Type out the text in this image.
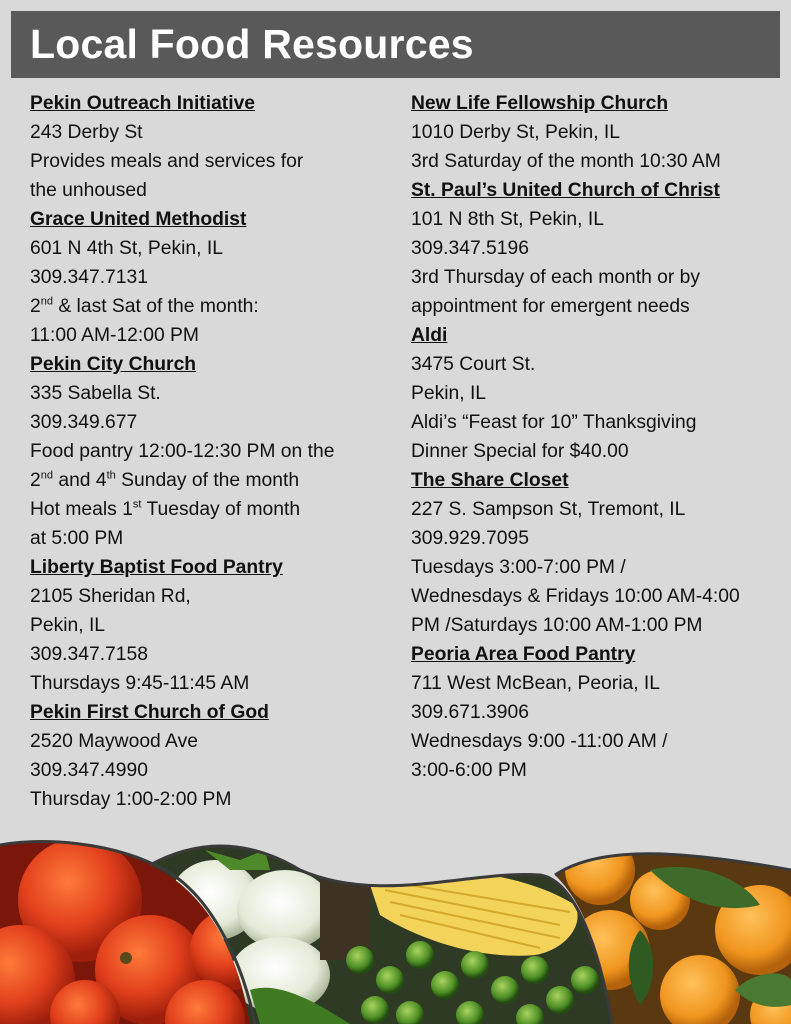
Local Food Resources
Pekin Outreach Initiative
243 Derby St
Provides meals and services for
the unhoused
Grace United Methodist
601 N 4th St, Pekin, IL
309.347.7131
2nd & last Sat of the month:
11:00 AM-12:00 PM
Pekin City Church
335 Sabella St.
309.349.677
Food pantry 12:00-12:30 PM on the
2nd and 4th Sunday of the month
Hot meals 1st Tuesday of month
at 5:00 PM
Liberty Baptist Food Pantry
2105 Sheridan Rd,
Pekin, IL
309.347.7158
Thursdays 9:45-11:45 AM
Pekin First Church of God
2520 Maywood Ave
309.347.4990
Thursday 1:00-2:00 PM
New Life Fellowship Church
1010 Derby St, Pekin, IL
3rd Saturday of the month 10:30 AM
St. Paul’s United Church of Christ
101 N 8th St, Pekin, IL
309.347.5196
3rd Thursday of each month or by
appointment for emergent needs
Aldi
3475 Court St.
Pekin, IL
Aldi’s “Feast for 10” Thanksgiving
Dinner Special for $40.00
The Share Closet
227 S. Sampson St, Tremont, IL
309.929.7095
Tuesdays 3:00-7:00 PM /
Wednesdays & Fridays 10:00 AM-4:00
PM /Saturdays 10:00 AM-1:00 PM
Peoria Area Food Pantry
711 West McBean, Peoria, IL
309.671.3906
Wednesdays 9:00 -11:00 AM /
3:00-6:00 PM
